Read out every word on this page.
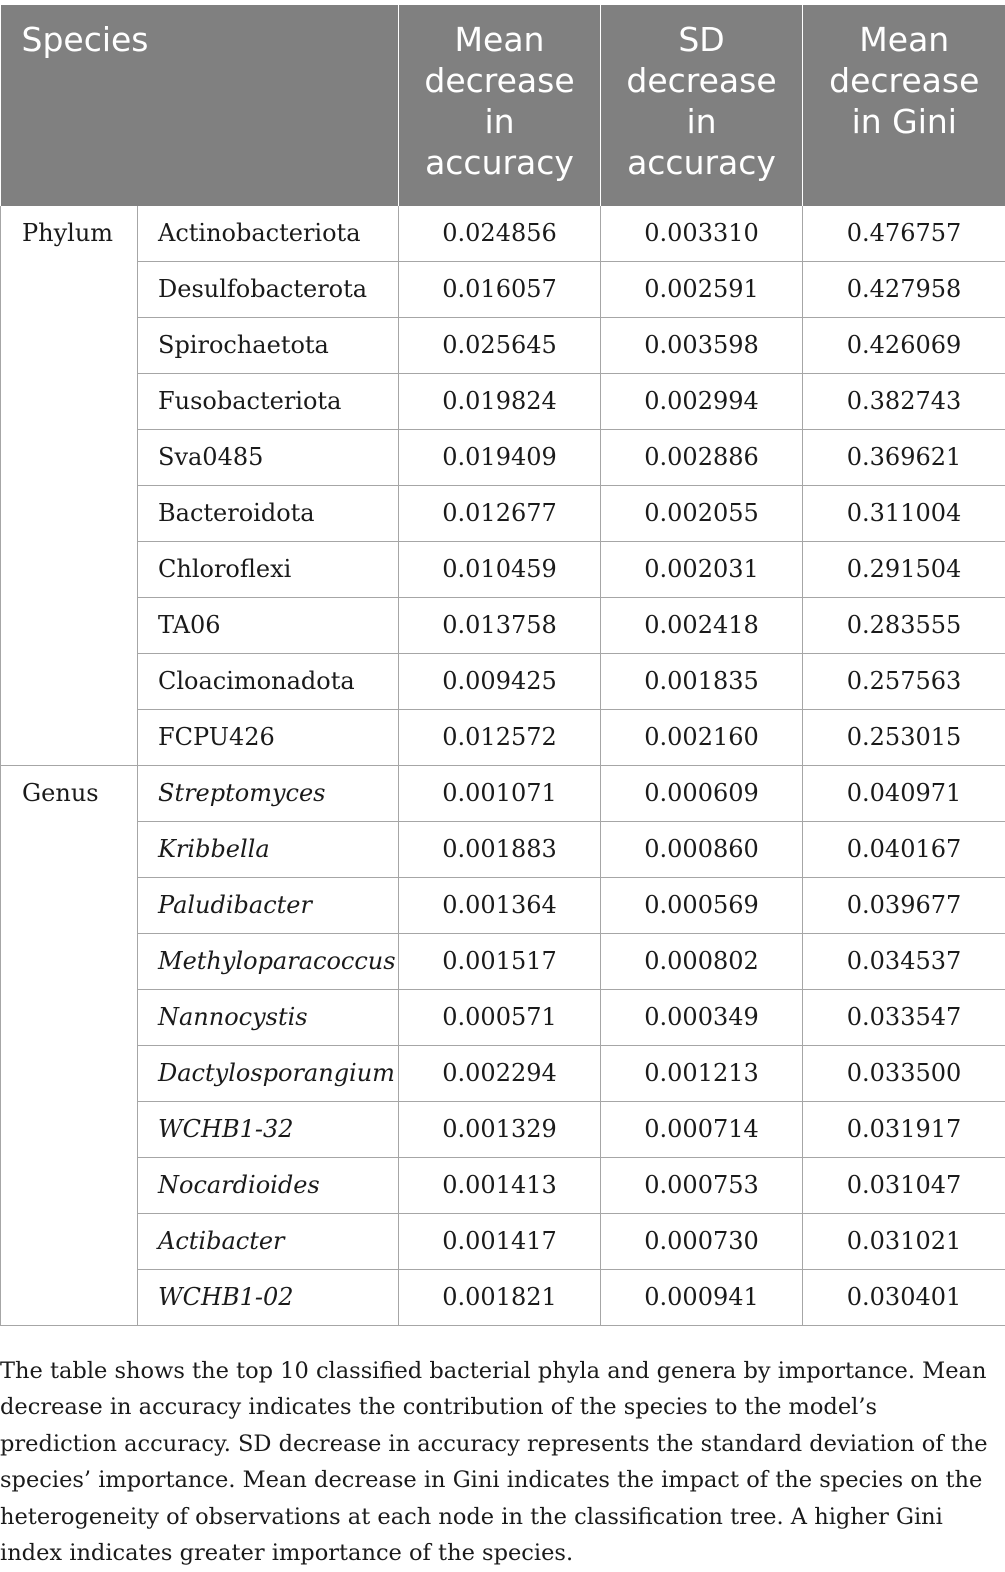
Species		Mean decrease in accuracy	SD decrease in accuracy	Mean decrease in Gini
Phylum	Actinobacteriota	0.024856	0.003310	0.476757
	Desulfobacterota	0.016057	0.002591	0.427958
	Spirochaetota	0.025645	0.003598	0.426069
	Fusobacteriota	0.019824	0.002994	0.382743
	Sva0485	0.019409	0.002886	0.369621
	Bacteroidota	0.012677	0.002055	0.311004
	Chloroflexi	0.010459	0.002031	0.291504
	TA06	0.013758	0.002418	0.283555
	Cloacimonadota	0.009425	0.001835	0.257563
	FCPU426	0.012572	0.002160	0.253015
Genus	Streptomyces	0.001071	0.000609	0.040971
	Kribbella	0.001883	0.000860	0.040167
	Paludibacter	0.001364	0.000569	0.039677
	Methyloparacoccus	0.001517	0.000802	0.034537
	Nannocystis	0.000571	0.000349	0.033547
	Dactylosporangium	0.002294	0.001213	0.033500
	WCHB1-32	0.001329	0.000714	0.031917
	Nocardioides	0.001413	0.000753	0.031047
	Actibacter	0.001417	0.000730	0.031021
	WCHB1-02	0.001821	0.000941	0.030401

The table shows the top 10 classified bacterial phyla and genera by importance. Mean decrease in accuracy indicates the contribution of the species to the model’s prediction accuracy. SD decrease in accuracy represents the standard deviation of the species’ importance. Mean decrease in Gini indicates the impact of the species on the heterogeneity of observations at each node in the classification tree. A higher Gini index indicates greater importance of the species.
